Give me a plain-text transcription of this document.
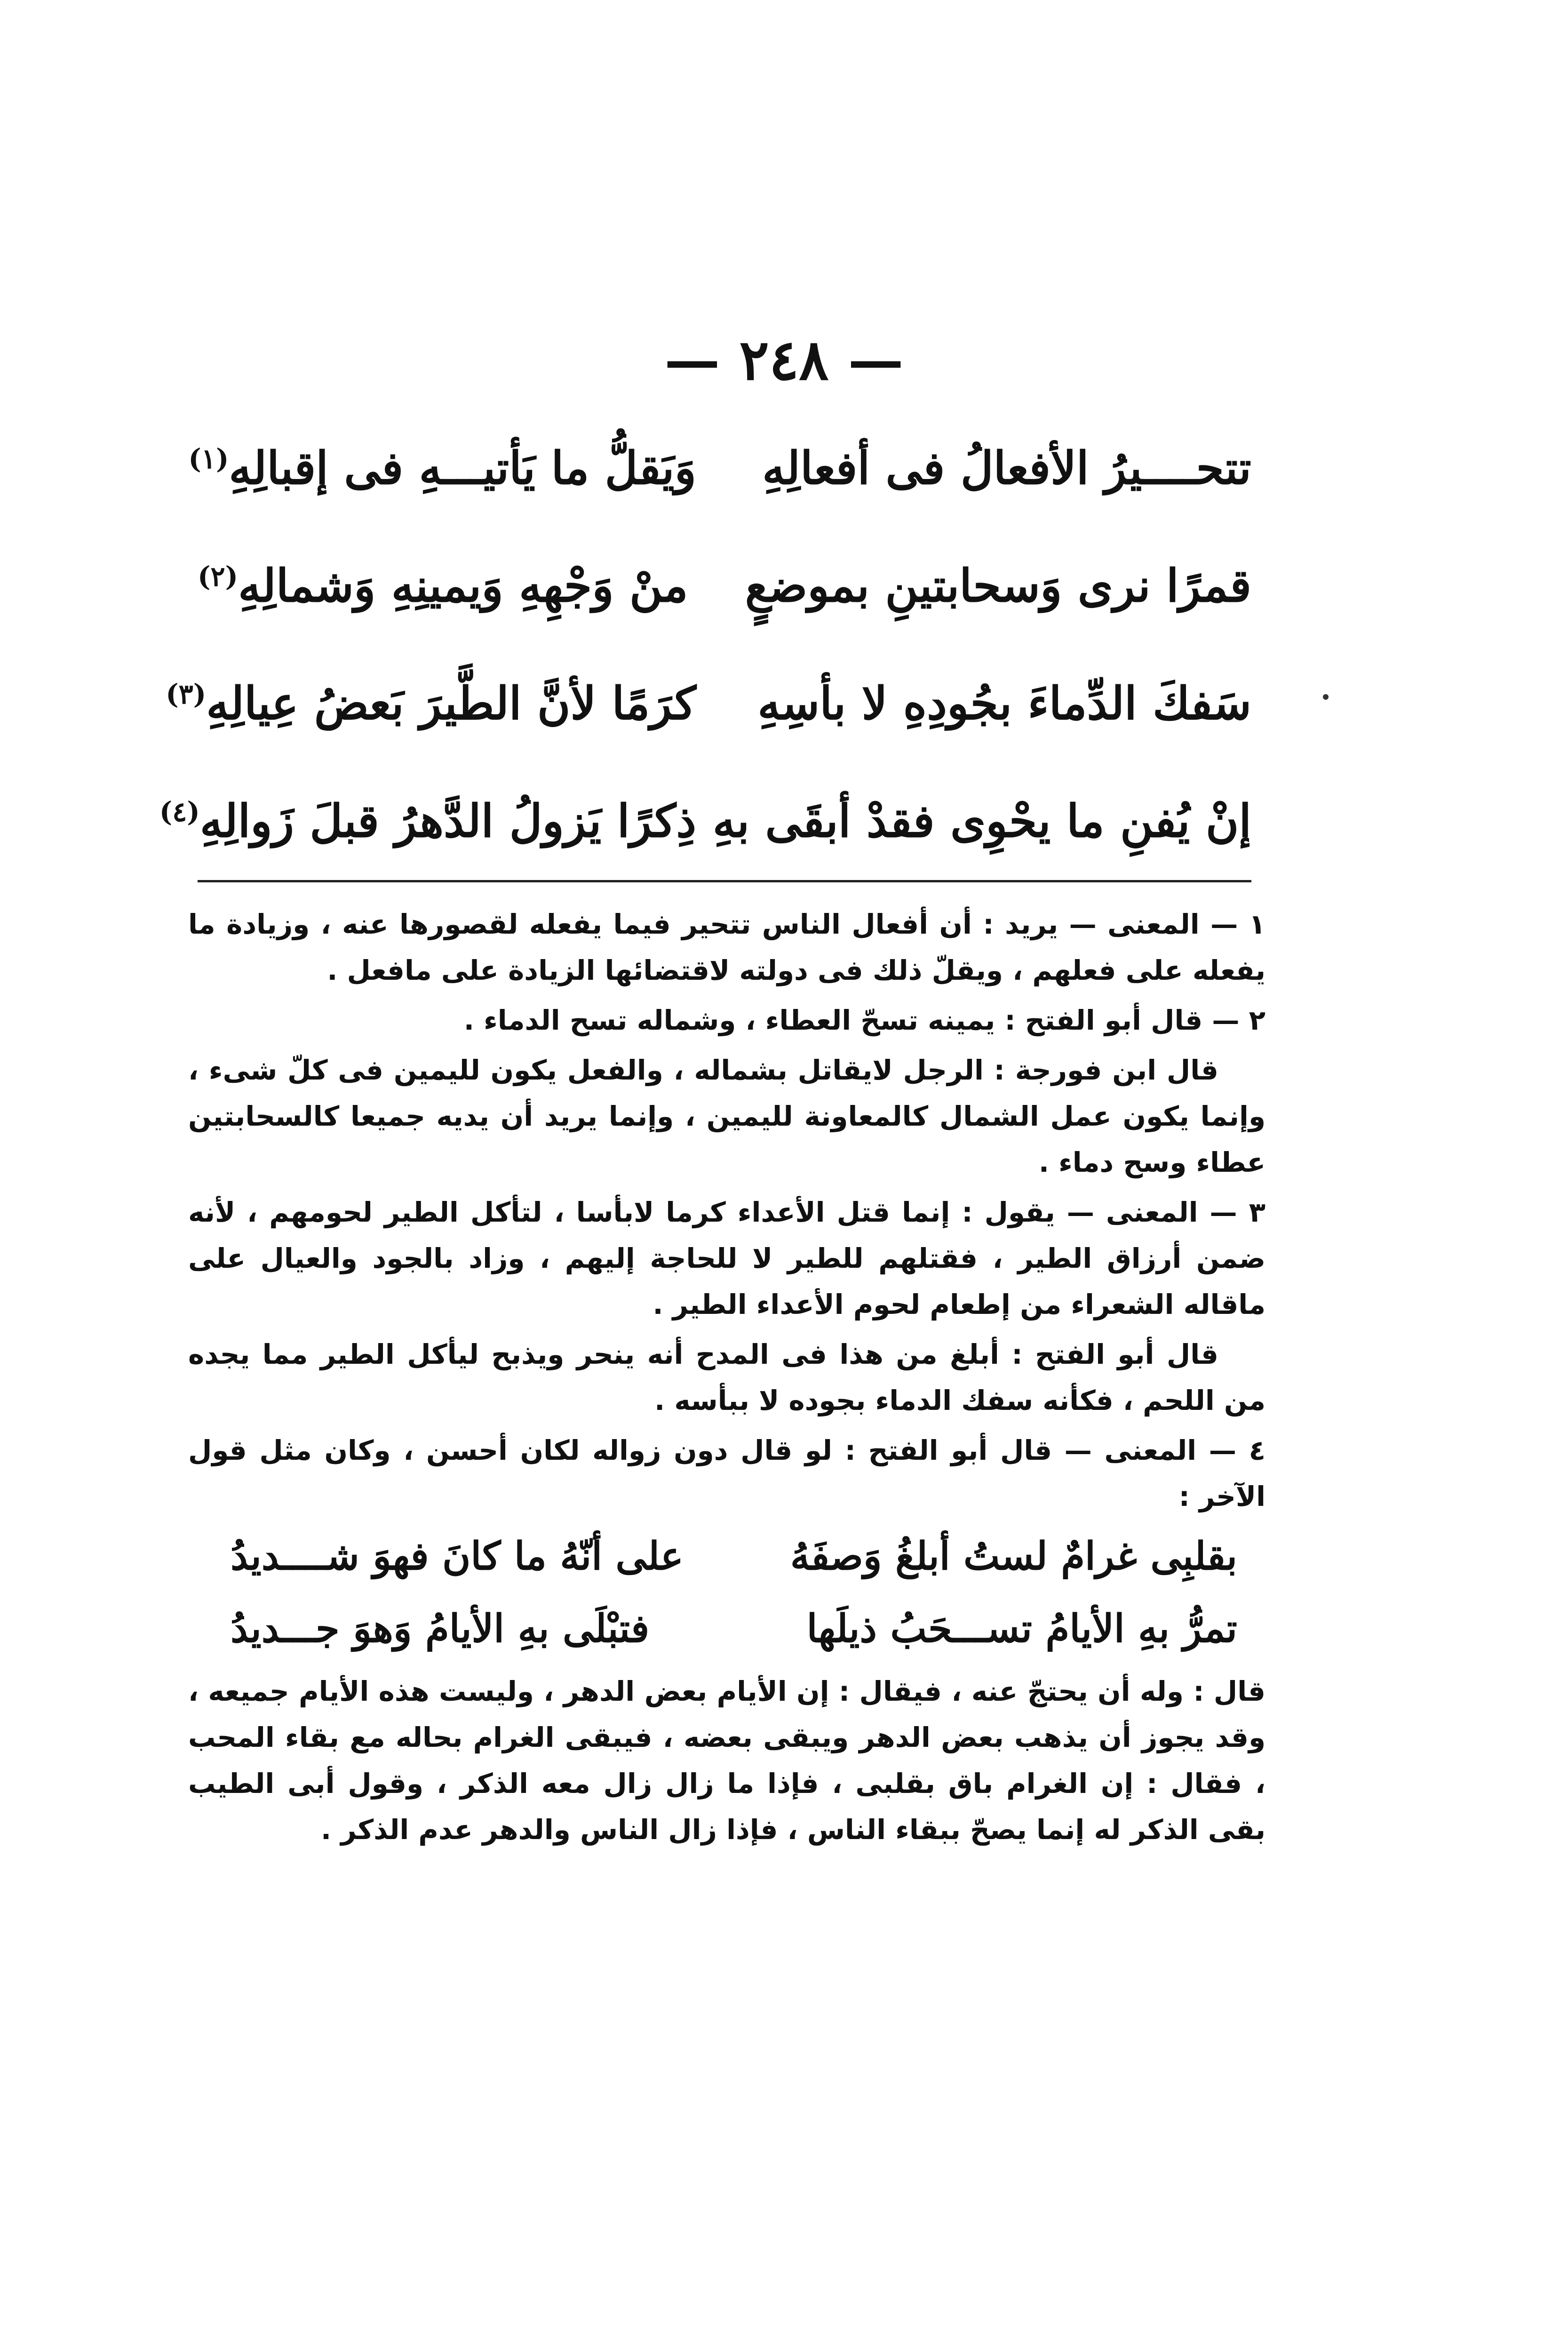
— ٢٤٨ —
تتحــــيرُ الأفعالُ فى أفعالِهِ
وَيَقلُّ ما يَأتيـــهِ فى إقبالِهِ$^{(١)}$
قمرًا نرى وَسحابتينِ بموضعٍ
منْ وَجْهِهِ وَيمينِهِ وَشمالِهِ$^{(٢)}$
سَفكَ الدِّماءَ بجُودِهِ لا بأسِهِ
كرَمًا لأنَّ الطَّيرَ بَعضُ عِيالِهِ$^{(٣)}$
إنْ يُفنِ ما يحْوِى فقدْ أبقَى بهِ
ذِكرًا يَزولُ الدَّهرُ قبلَ زَوالِهِ$^{(٤)}$

١ — المعنى — يريد : أن أفعال الناس تتحير فيما يفعله لقصورها عنه ، وزيادة ما يفعله على فعلهم ، ويقلّ ذلك فى دولته لاقتضائها الزيادة على مافعل .

٢ — قال أبو الفتح : يمينه تسحّ العطاء ، وشماله تسح الدماء .

قال ابن فورجة : الرجل لايقاتل بشماله ، والفعل يكون لليمين فى كلّ شىء ، وإنما يكون عمل الشمال كالمعاونة لليمين ، وإنما يريد أن يديه جميعا كالسحابتين عطاء وسح دماء .

٣ — المعنى — يقول : إنما قتل الأعداء كرما لابأسا ، لتأكل الطير لحومهم ، لأنه ضمن أرزاق الطير ، فقتلهم للطير لا للحاجة إليهم ، وزاد بالجود والعيال على ماقاله الشعراء من إطعام لحوم الأعداء الطير .

قال أبو الفتح : أبلغ من هذا فى المدح أنه ينحر ويذبح ليأكل الطير مما يجده من اللحم ، فكأنه سفك الدماء بجوده لا ببأسه .

٤ — المعنى — قال أبو الفتح : لو قال دون زواله لكان أحسن ، وكان مثل قول الآخر :

بقلبِى غرامٌ لستُ أبلغُ وَصفَهُ
على أنّهُ ما كانَ فهوَ شــــديدُ
تمرُّ بهِ الأيامُ تســـحَبُ ذيلَها
فتبْلَى بهِ الأيامُ وَهوَ جـــديدُ

قال : وله أن يحتجّ عنه ، فيقال : إن الأيام بعض الدهر ، وليست هذه الأيام جميعه ، وقد يجوز أن يذهب بعض الدهر ويبقى بعضه ، فيبقى الغرام بحاله مع بقاء المحب ، فقال : إن الغرام باق بقلبى ، فإذا ما زال زال معه الذكر ، وقول أبى الطيب بقى الذكر له إنما يصحّ ببقاء الناس ، فإذا زال الناس والدهر عدم الذكر .
